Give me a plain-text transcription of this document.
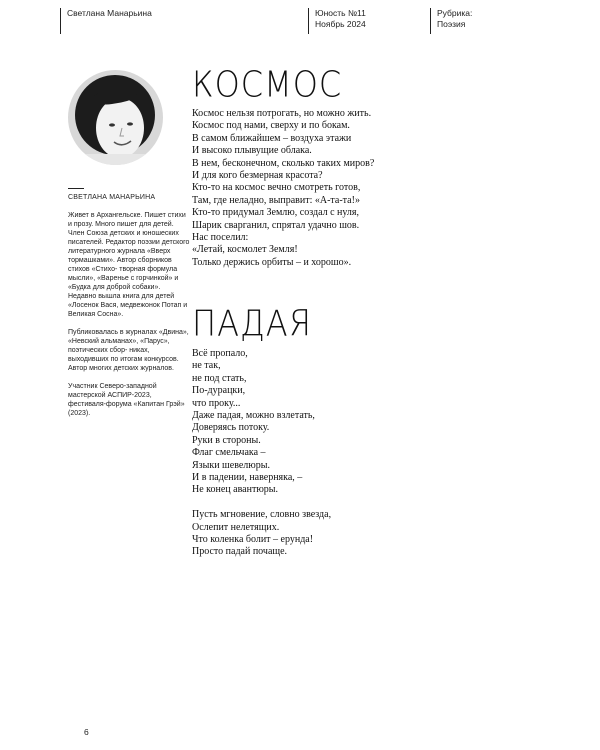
Светлана Манарьина	Юность №11
Ноябрь 2024
Рубрика:
Поэзия

СВЕТЛАНА МАНАРЬИНА

Живет в Архангельске. Пишет стихи и прозу. Много пишет для детей. Член Союза детских и юношеских писателей. Редактор поэзии детского литературного журнала «Вверх тормашками». Автор сборников стихов «Стихо- творная формула мысли», «Варенье с горчинкой» и «Будка для доброй собаки». Недавно вышла книга для детей «Лосенок Вася, медвежонок Потап и Великая Сосна».

Публиковалась в журналах «Двина», «Невский альманах», «Парус», поэтических сбор- никах, выходивших по итогам конкурсов. Автор многих детских журналов.

Участник Северо-западной мастерской АСПИР-2023, фестиваля-форума «Капитан Грэй» (2023).

КОСМОС
Космос нельзя потрогать, но можно жить.
Космос под нами, сверху и по бокам.
В самом ближайшем – воздуха этажи
И высоко плывущие облака.
В нем, бесконечном, сколько таких миров?
И для кого безмерная красота?
Кто-то на космос вечно смотреть готов,
Там, где неладно, выправит: «А-та-та!»
Кто-то придумал Землю, создал с нуля,
Шарик сварганил, спрятал удачно шов.
Нас поселил:
«Летай, космолет Земля!
Только держись орбиты – и хорошо».
ПАДАЯ
Всё пропало,
не так,
не под стать,
По-дурацки,
что проку...
Даже падая, можно взлетать,
Доверяясь потоку.
Руки в стороны.
Флаг смельчака –
Языки шевелюры.
И в падении, наверняка, –
Не конец авантюры.
Пусть мгновение, словно звезда,
Ослепит нелетящих.
Что коленка болит – ерунда!
Просто падай почаще.
6
